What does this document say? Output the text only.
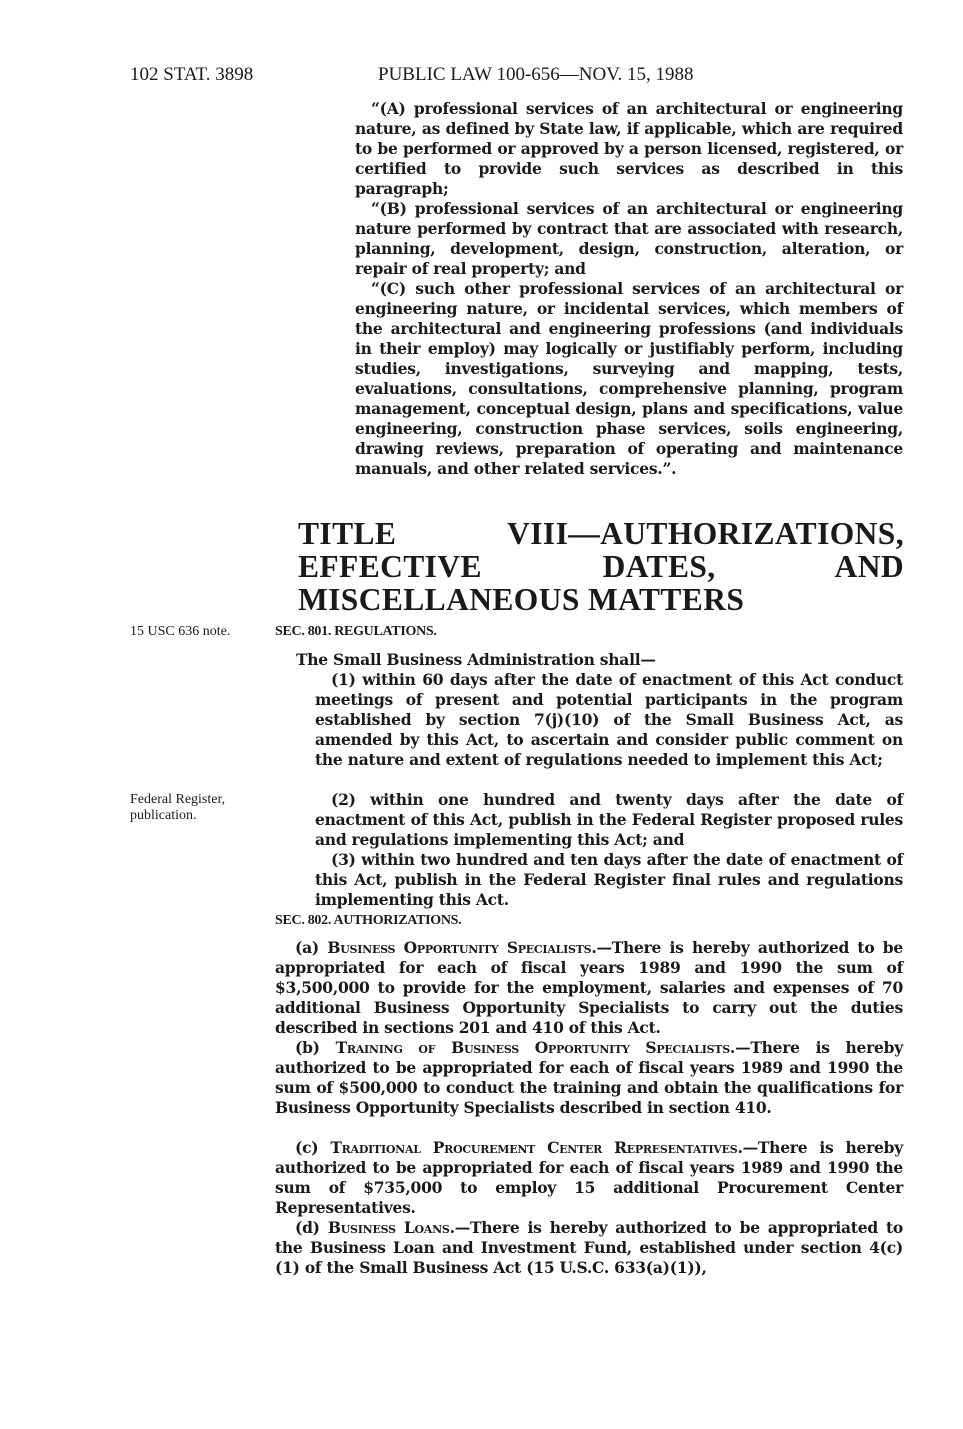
102 STAT. 3898	PUBLIC LAW 100-656—NOV. 15, 1988

“(A) professional services of an architectural or engineering nature, as defined by State law, if applicable, which are required to be performed or approved by a person licensed, registered, or certified to provide such services as described in this paragraph;

“(B) professional services of an architectural or engineering nature performed by contract that are associated with research, planning, development, design, construction, alteration, or repair of real property; and

“(C) such other professional services of an architectural or engineering nature, or incidental services, which members of the architectural and engineering professions (and individuals in their employ) may logically or justifiably perform, including studies, investigations, surveying and mapping, tests, evaluations, consultations, comprehensive planning, program management, conceptual design, plans and specifications, value engineering, construction phase services, soils engineering, drawing reviews, preparation of operating and maintenance manuals, and other related services.”.

TITLE VIII—AUTHORIZATIONS, EFFECTIVE DATES, AND MISCELLANEOUS MATTERS
15 USC 636 note.	SEC. 801. REGULATIONS.
The Small Business Administration shall—
Federal Register, publication.

(1) within 60 days after the date of enactment of this Act conduct meetings of present and potential participants in the program established by section 7(j)(10) of the Small Business Act, as amended by this Act, to ascertain and consider public comment on the nature and extent of regulations needed to implement this Act;

(2) within one hundred and twenty days after the date of enactment of this Act, publish in the Federal Register proposed rules and regulations implementing this Act; and

(3) within two hundred and ten days after the date of enactment of this Act, publish in the Federal Register final rules and regulations implementing this Act.

SEC. 802. AUTHORIZATIONS.

(a) Business Opportunity Specialists.—There is hereby authorized to be appropriated for each of fiscal years 1989 and 1990 the sum of $3,500,000 to provide for the employment, salaries and expenses of 70 additional Business Opportunity Specialists to carry out the duties described in sections 201 and 410 of this Act.

(b) Training of Business Opportunity Specialists.—There is hereby authorized to be appropriated for each of fiscal years 1989 and 1990 the sum of $500,000 to conduct the training and obtain the qualifications for Business Opportunity Specialists described in section 410.

(c) Traditional Procurement Center Representatives.—There is hereby authorized to be appropriated for each of fiscal years 1989 and 1990 the sum of $735,000 to employ 15 additional Procurement Center Representatives.

(d) Business Loans.—There is hereby authorized to be appropriated to the Business Loan and Investment Fund, established under section 4(c)(1) of the Small Business Act (15 U.S.C. 633(a)(1)),
